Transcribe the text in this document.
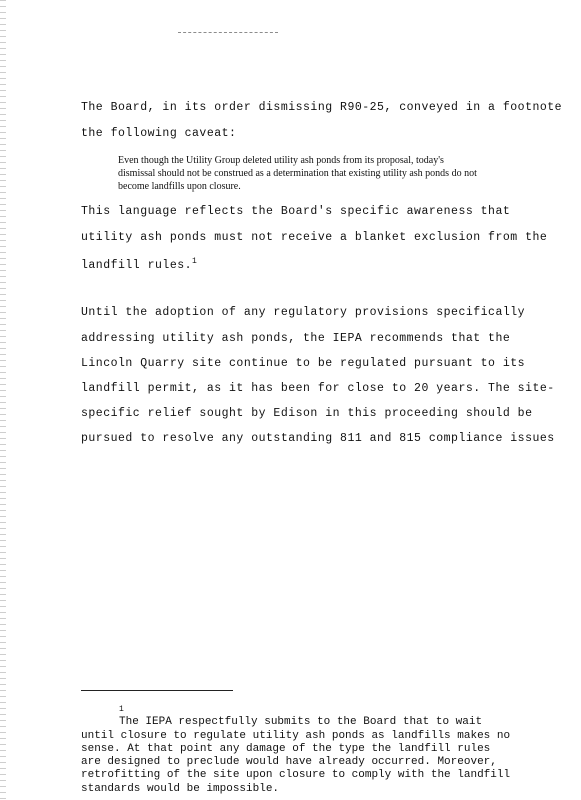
The Board, in its order dismissing R90-25, conveyed in a footnote
the following caveat:
Even though the Utility Group deleted utility ash ponds from its proposal, today's
dismissal should not be construed as a determination that existing utility ash ponds do not
become landfills upon closure.
This language reflects the Board's specific awareness that
utility ash ponds must not receive a blanket exclusion from the
landfill rules.$^1$
Until the adoption of any regulatory provisions specifically
addressing utility ash ponds, the IEPA recommends that the
Lincoln Quarry site continue to be regulated pursuant to its
landfill permit, as it has been for close to 20 years. The site-
specific relief sought by Edison in this proceeding should be
pursued to resolve any outstanding 811 and 815 compliance issues
1
The IEPA respectfully submits to the Board that to wait
until closure to regulate utility ash ponds as landfills makes no
sense. At that point any damage of the type the landfill rules
are designed to preclude would have already occurred. Moreover,
retrofitting of the site upon closure to comply with the landfill
standards would be impossible.
